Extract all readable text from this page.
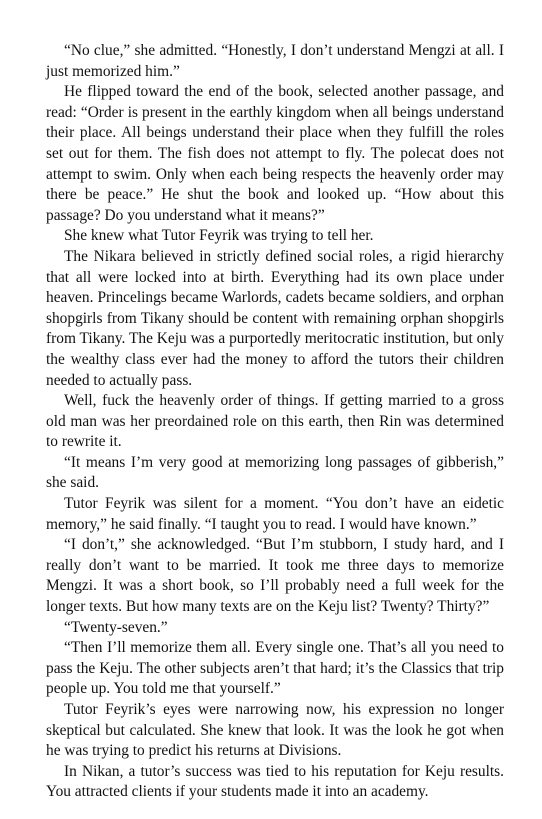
“No clue,” she admitted. “Honestly, I don’t understand Mengzi at all. I just memorized him.”

He flipped toward the end of the book, selected another passage, and read: “Order is present in the earthly kingdom when all beings understand their place. All beings understand their place when they fulfill the roles set out for them. The fish does not attempt to fly. The polecat does not attempt to swim. Only when each being respects the heavenly order may there be peace.” He shut the book and looked up. “How about this passage? Do you understand what it means?”

She knew what Tutor Feyrik was trying to tell her.

The Nikara believed in strictly defined social roles, a rigid hierarchy that all were locked into at birth. Everything had its own place under heaven. Princelings became Warlords, cadets became soldiers, and orphan shopgirls from Tikany should be content with remaining orphan shopgirls from Tikany. The Keju was a purportedly meritocratic institution, but only the wealthy class ever had the money to afford the tutors their children needed to actually pass.

Well, fuck the heavenly order of things. If getting married to a gross old man was her preordained role on this earth, then Rin was determined to rewrite it.

“It means I’m very good at memorizing long passages of gibberish,” she said.

Tutor Feyrik was silent for a moment. “You don’t have an eidetic memory,” he said finally. “I taught you to read. I would have known.”

“I don’t,” she acknowledged. “But I’m stubborn, I study hard, and I really don’t want to be married. It took me three days to memorize Mengzi. It was a short book, so I’ll probably need a full week for the longer texts. But how many texts are on the Keju list? Twenty? Thirty?”

“Twenty-seven.”

“Then I’ll memorize them all. Every single one. That’s all you need to pass the Keju. The other subjects aren’t that hard; it’s the Classics that trip people up. You told me that yourself.”

Tutor Feyrik’s eyes were narrowing now, his expression no longer skeptical but calculated. She knew that look. It was the look he got when he was trying to predict his returns at Divisions.

In Nikan, a tutor’s success was tied to his reputation for Keju results. You attracted clients if your students made it into an academy.
